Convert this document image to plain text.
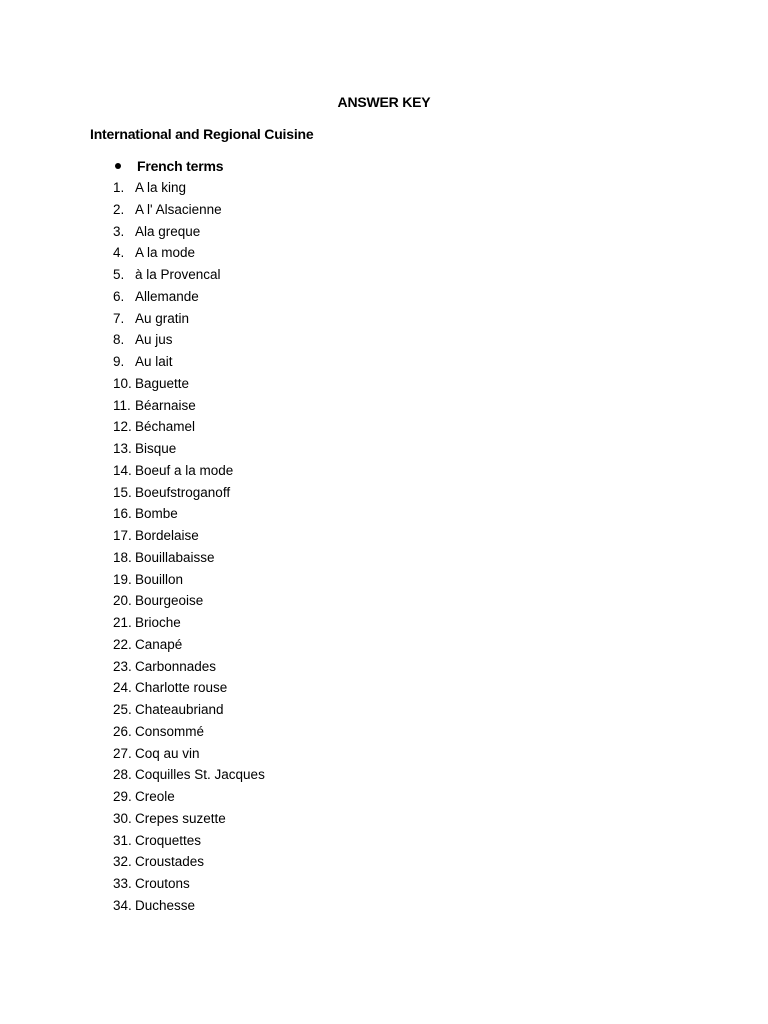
ANSWER KEY
International and Regional Cuisine
French terms
1. A la king
2. A l' Alsacienne
3. Ala greque
4. A la mode
5. à la Provencal
6. Allemande
7. Au gratin
8. Au jus
9. Au lait
10. Baguette
11. Béarnaise
12. Béchamel
13. Bisque
14. Boeuf a la mode
15. Boeufstroganoff
16. Bombe
17. Bordelaise
18. Bouillabaisse
19. Bouillon
20. Bourgeoise
21. Brioche
22. Canapé
23. Carbonnades
24. Charlotte rouse
25. Chateaubriand
26. Consommé
27. Coq au vin
28. Coquilles St. Jacques
29. Creole
30. Crepes suzette
31. Croquettes
32. Croustades
33. Croutons
34. Duchesse
